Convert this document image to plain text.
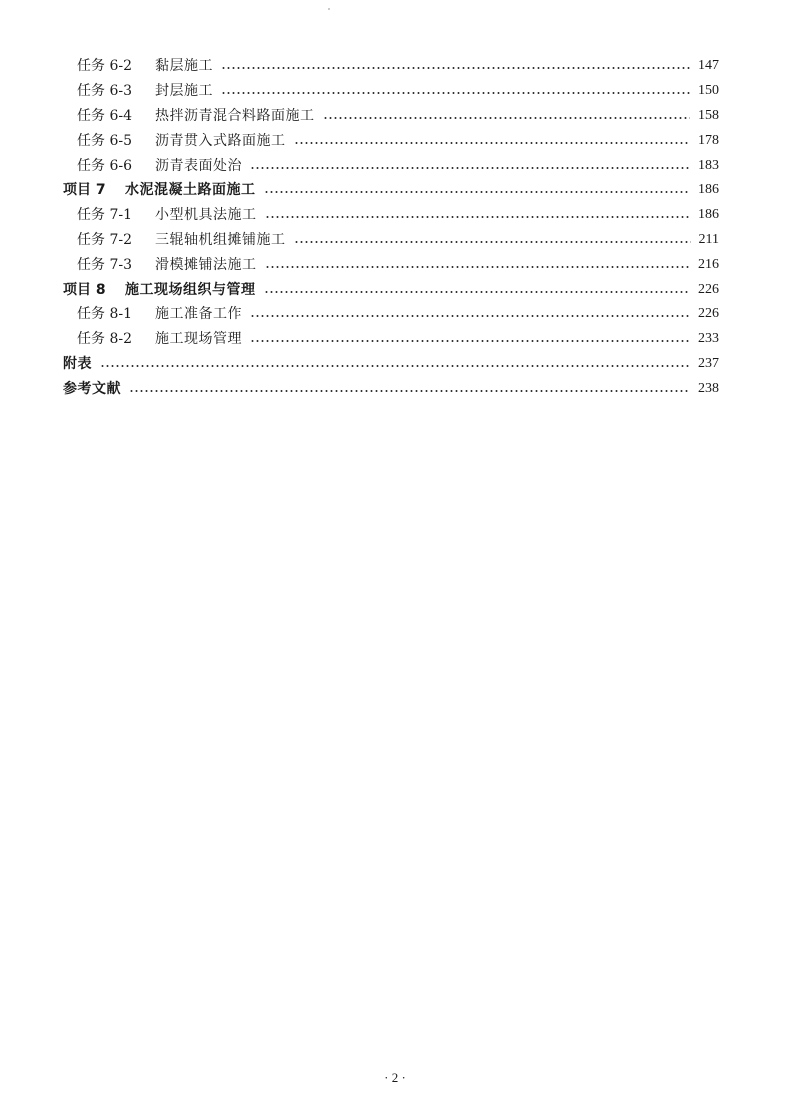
任务 6-2	黏层施工	147
任务 6-3	封层施工	150
任务 6-4	热拌沥青混合料路面施工	158
任务 6-5	沥青贯入式路面施工	178
任务 6-6	沥青表面处治	183
项目 7	水泥混凝土路面施工	186
任务 7-1	小型机具法施工	186
任务 7-2	三辊轴机组摊铺施工	211
任务 7-3	滑模摊铺法施工	216
项目 8	施工现场组织与管理	226
任务 8-1	施工准备工作	226
任务 8-2	施工现场管理	233
附表	237
参考文献	238
· 2 ·
